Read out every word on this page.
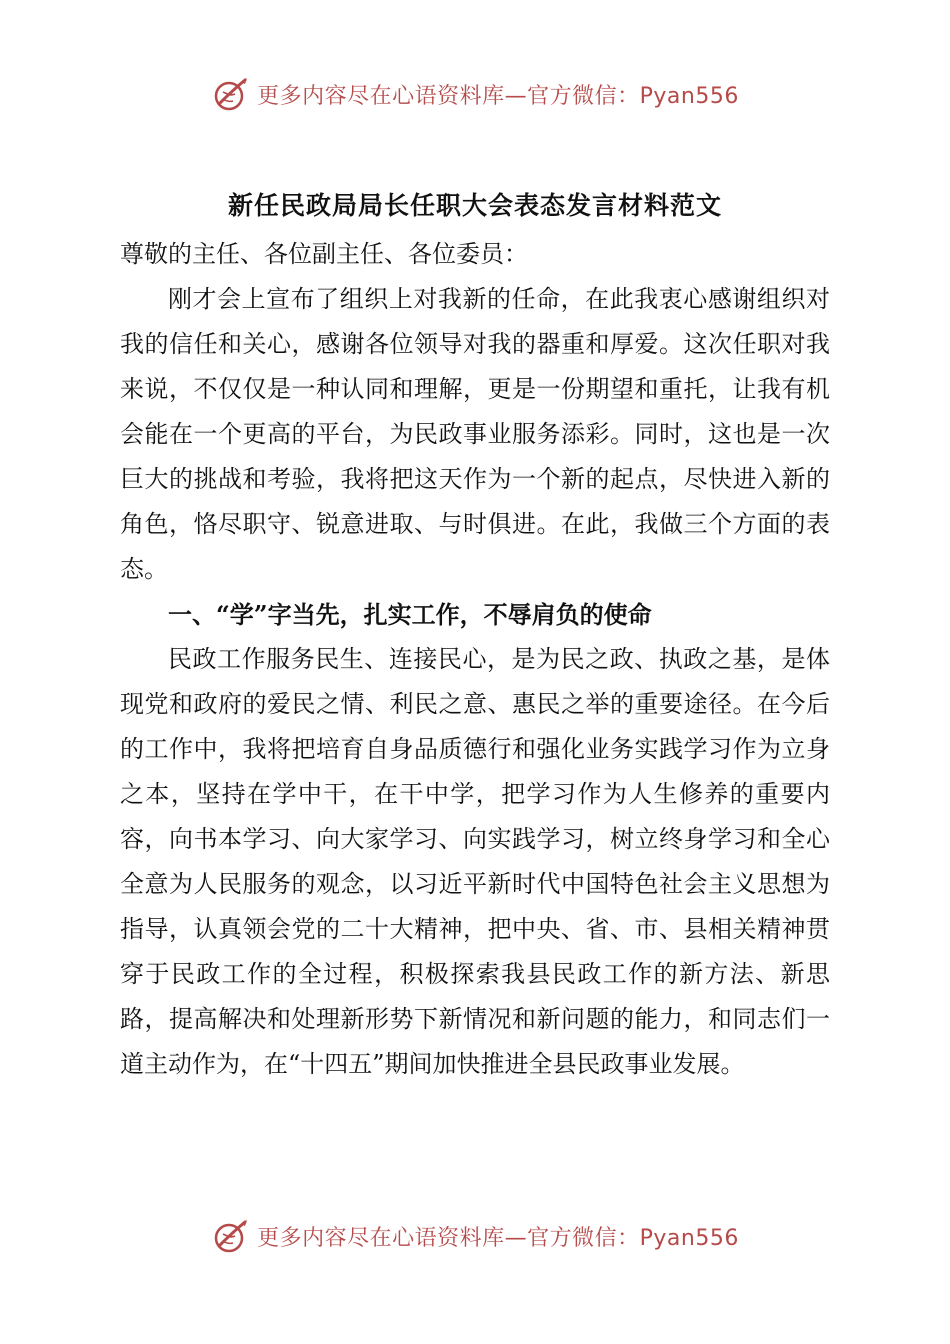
更多内容尽在心语资料库—官方微信：Pyan556
新任民政局局长任职大会表态发言材料范文

尊敬的主任、各位副主任、各位委员：

刚才会上宣布了组织上对我新的任命，在此我衷心感谢组织对我的信任和关心，感谢各位领导对我的器重和厚爱。这次任职对我来说，不仅仅是一种认同和理解，更是一份期望和重托，让我有机会能在一个更高的平台，为民政事业服务添彩。同时，这也是一次巨大的挑战和考验，我将把这天作为一个新的起点，尽快进入新的角色，恪尽职守、锐意进取、与时俱进。在此，我做三个方面的表态。

一、“学”字当先，扎实工作，不辱肩负的使命

民政工作服务民生、连接民心，是为民之政、执政之基，是体现党和政府的爱民之情、利民之意、惠民之举的重要途径。在今后的工作中，我将把培育自身品质德行和强化业务实践学习作为立身之本，坚持在学中干，在干中学，把学习作为人生修养的重要内容，向书本学习、向大家学习、向实践学习，树立终身学习和全心全意为人民服务的观念，以习近平新时代中国特色社会主义思想为指导，认真领会党的二十大精神，把中央、省、市、县相关精神贯穿于民政工作的全过程，积极探索我县民政工作的新方法、新思路，提高解决和处理新形势下新情况和新问题的能力，和同志们一道主动作为，在“十四五”期间加快推进全县民政事业发展。

更多内容尽在心语资料库—官方微信：Pyan556
